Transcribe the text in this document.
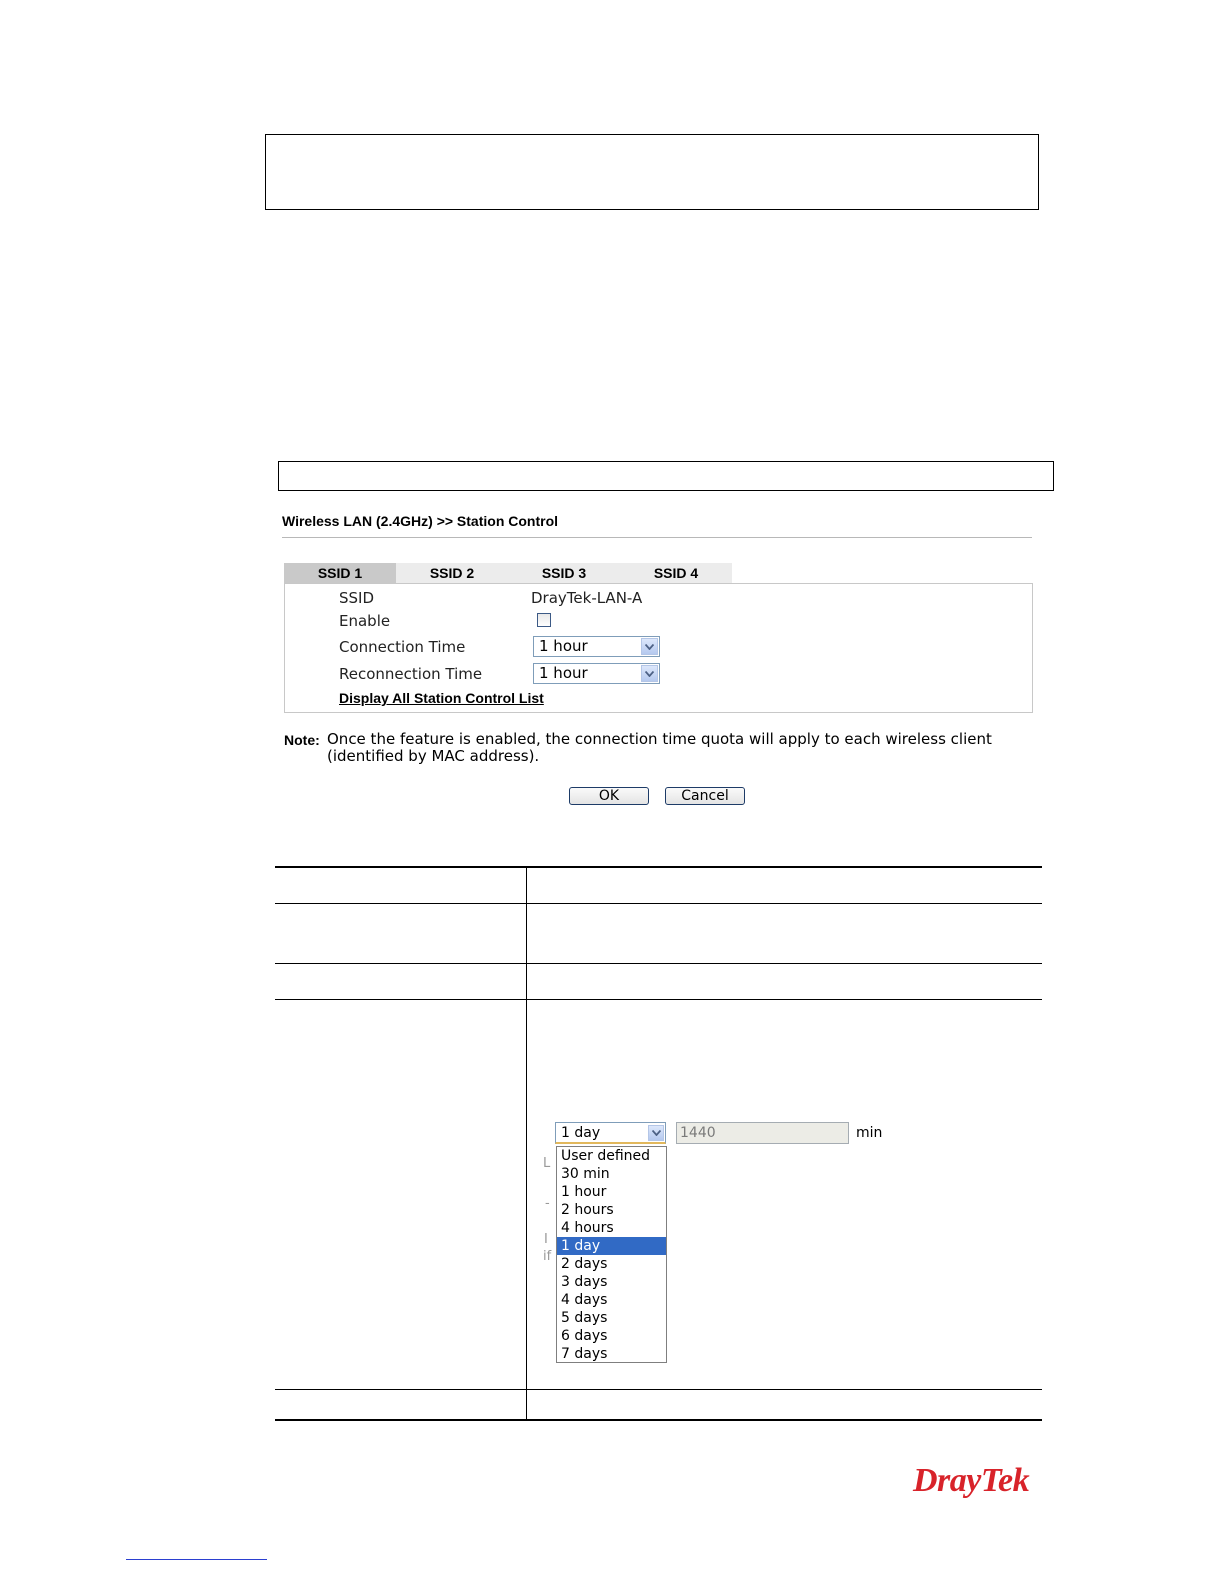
Wireless LAN (2.4GHz) >> Station Control
SSID 1	SSID 2	SSID 3	SSID 4
SSID	DrayTek-LAN-A
Enable
Connection Time	1 hour
Reconnection Time	1 hour
Display All Station Control List
Note: Once the feature is enabled, the connection time quota will apply to each wireless client (identified by MAC address).
OK	Cancel
1 day	1440	min
L
-
I
if
User defined
30 min
1 hour
2 hours
4 hours
1 day
2 days
3 days
4 days
5 days
6 days
7 days
DrayTek
